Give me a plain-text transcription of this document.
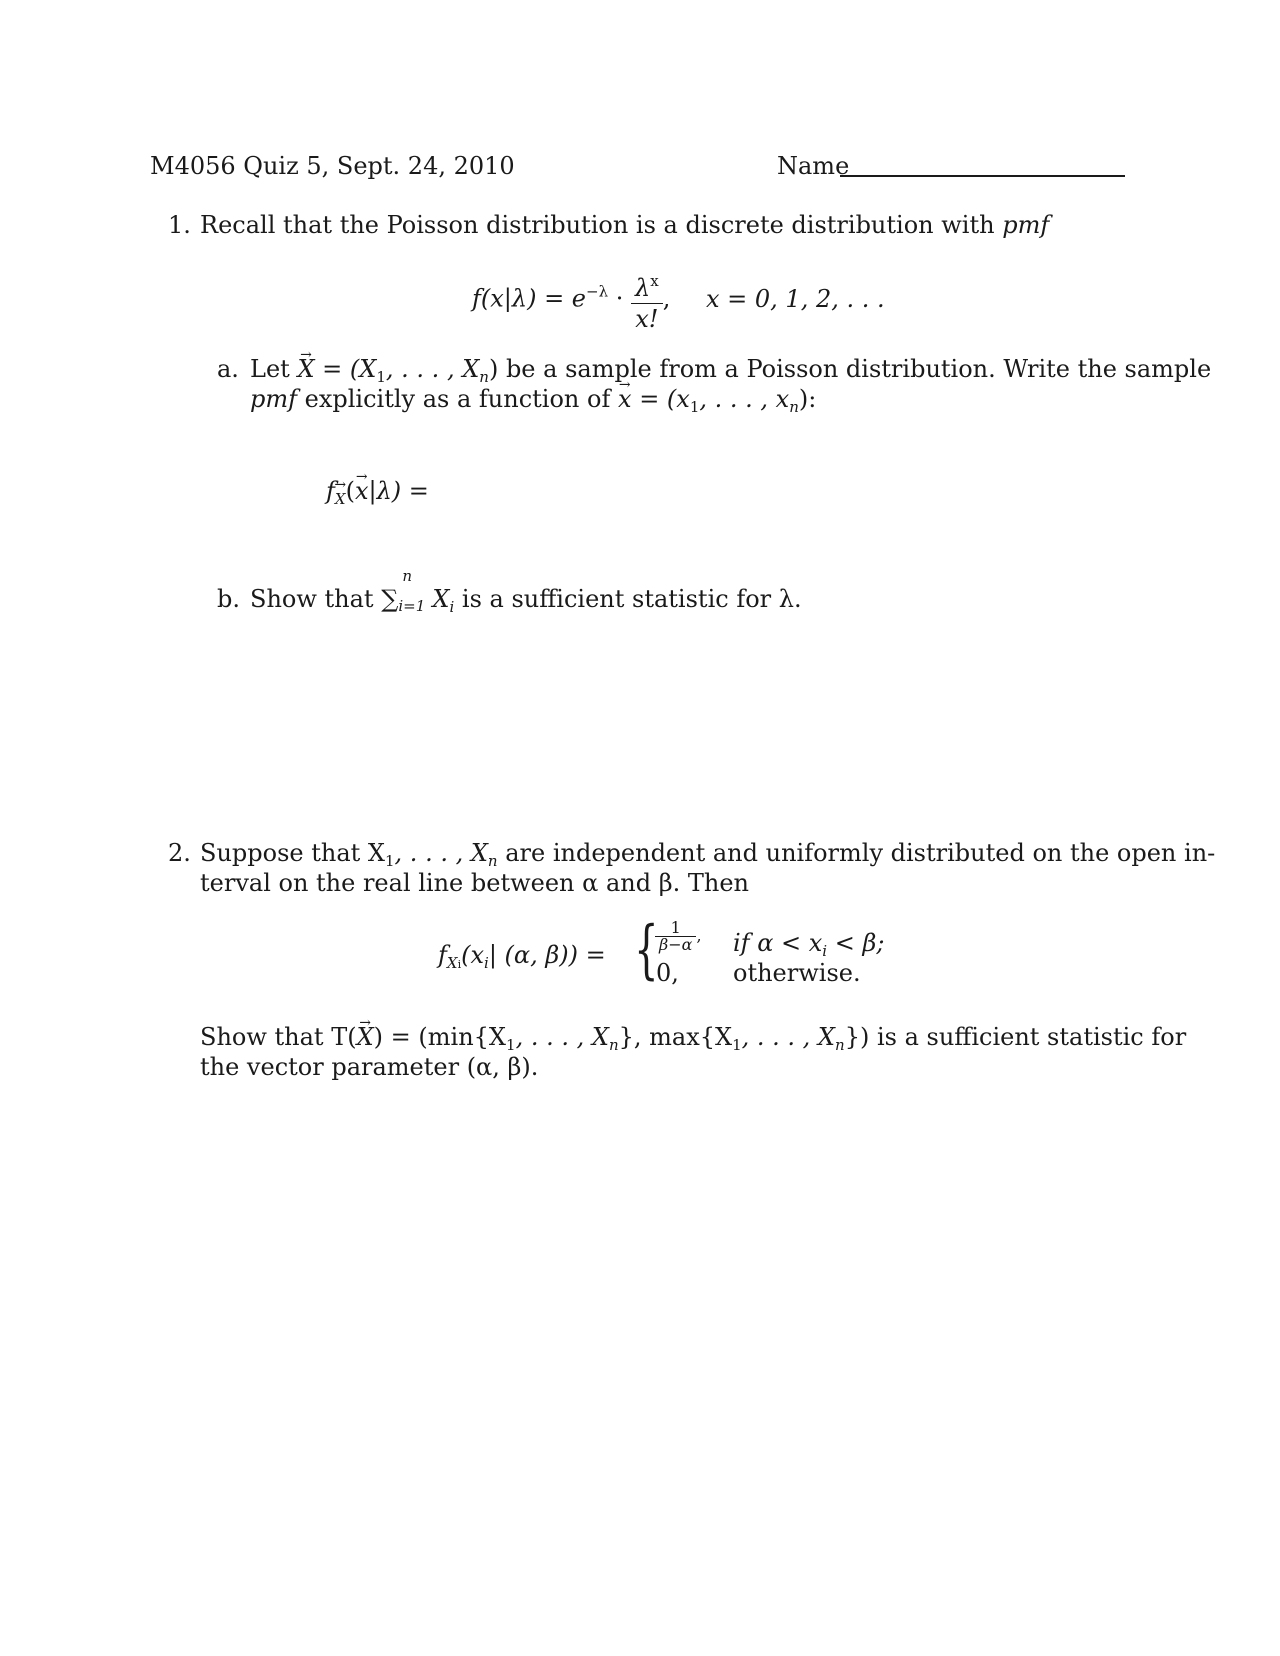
M4056 Quiz 5, Sept. 24, 2010	Name
1. Recall that the Poisson distribution is a discrete distribution with pmf
$f(x|\lambda) = e^{-\lambda} \cdot \frac{\lambda^x}{x!}$ , x = 0, 1, 2, . . .
a. Let → $X = (X_1$, . . . , $X_n$) be a sample from a Poisson distribution. Write the sample
pmf explicitly as a function of → $x = (x_1$, . . . , $x_n$):
f→ $_X$(→ x|λ) =
b. Show that ∑
n
i=1 $X_i$ is a sufficient statistic for λ.
2. Suppose that $X_1$, . . . , $X_n$ are independent and uniformly distributed on the open in-
terval on the real line between α and β. Then
$f_{Xi}(x_i|$ (α, β)) = {
$\frac{1}{\beta-\alpha}$ ,
0,
if $\alpha < x_i < \beta$;
otherwise.
Show that $T(\to X) = (\min\{X_1$, . . . , $X_n$}, $\max\{X_1$, . . . , $X_n$}) is a sufficient statistic for
the vector parameter (α, β).
